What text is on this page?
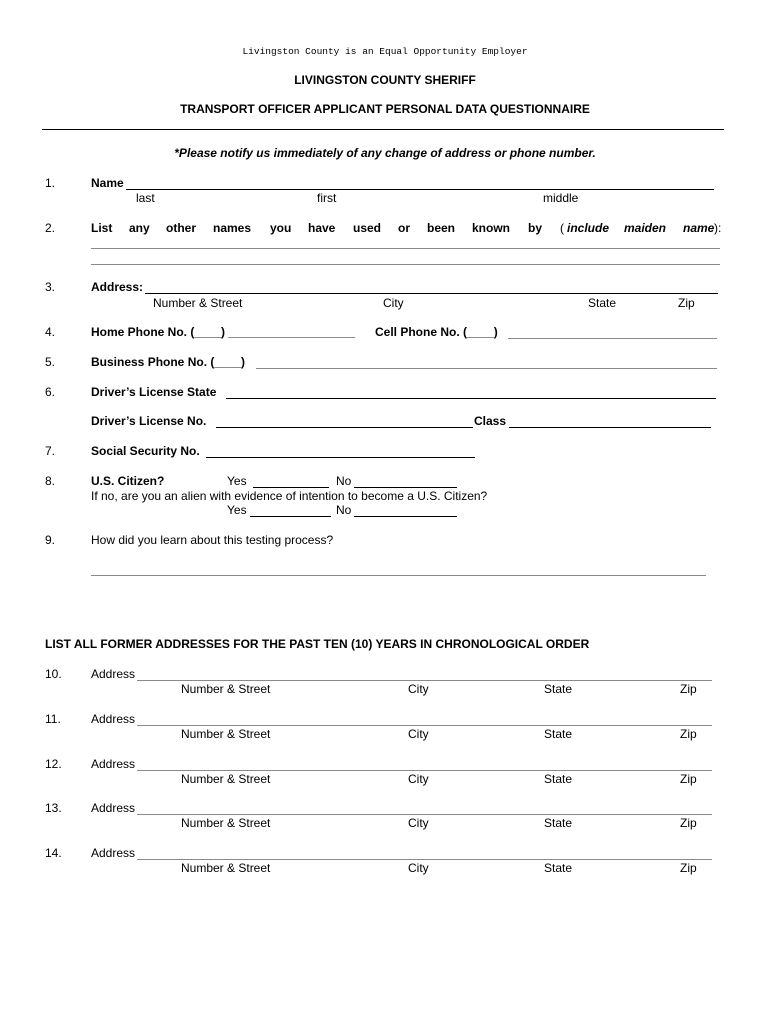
Livingston County is an Equal Opportunity Employer
LIVINGSTON COUNTY SHERIFF
TRANSPORT OFFICER APPLICANT PERSONAL DATA QUESTIONNAIRE
*Please notify us immediately of any change of address or phone number.
1.	Name
last	first	middle
2.	List any other names you have used or been known by ( include maiden name ):
3.	Address:
Number & Street	City	State	Zip
4.	Home Phone No. (____) ___________________ Cell Phone No. (____)
5.	Business Phone No. (____)
6.	Driver’s License State
Driver’s License No.	Class
7.	Social Security No.
8.	U.S. Citizen?	Yes	No
If no, are you an alien with evidence of intention to become a U.S. Citizen?
Yes	No
9.	How did you learn about this testing process?
LIST ALL FORMER ADDRESSES FOR THE PAST TEN (10) YEARS IN CHRONOLOGICAL ORDER
10. Address
Number & Street	City	State	Zip
11.	Address
Number & Street	City	State	Zip
12. Address
Number & Street	City	State	Zip
13. Address
Number & Street	City	State	Zip
14. Address
Number & Street	City	State	Zip
